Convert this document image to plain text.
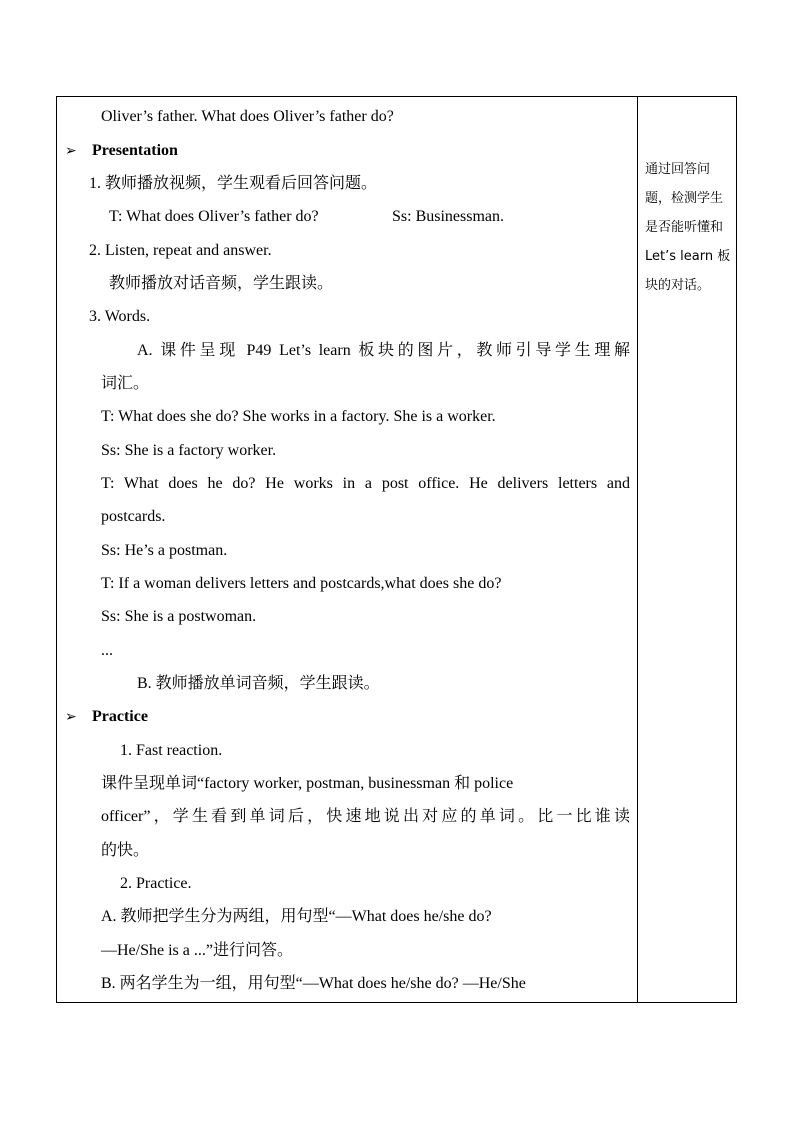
Oliver’s father. What does Oliver’s father do?
➢ Presentation
1. 教师播放视频，学生观看后回答问题。
T: What does Oliver’s father do?	Ss: Businessman.
2. Listen, repeat and answer.
教师播放对话音频，学生跟读。
3. Words.
A. 课件呈现 P49 Let’s learn 板块的图片，教师引导学生理解
词汇。
T: What does she do? She works in a factory. She is a worker.
Ss: She is a factory worker.
T: What does he do? He works in a post office. He delivers letters and
postcards.
Ss: He’s a postman.
T: If a woman delivers letters and postcards,what does she do?
Ss: She is a postwoman.
...
B. 教师播放单词音频，学生跟读。
➢ Practice
1. Fast reaction.
课件呈现单词“factory worker, postman, businessman 和 police
officer”，学生看到单词后，快速地说出对应的单词。比一比谁读
的快。
2. Practice.
A. 教师把学生分为两组，用句型“—What does he/she do?
—He/She is a ...”进行问答。
B. 两名学生为一组，用句型“—What does he/she do? —He/She
通过回答问题，检测学生是否能听懂和 Let’s learn 板块的对话。
